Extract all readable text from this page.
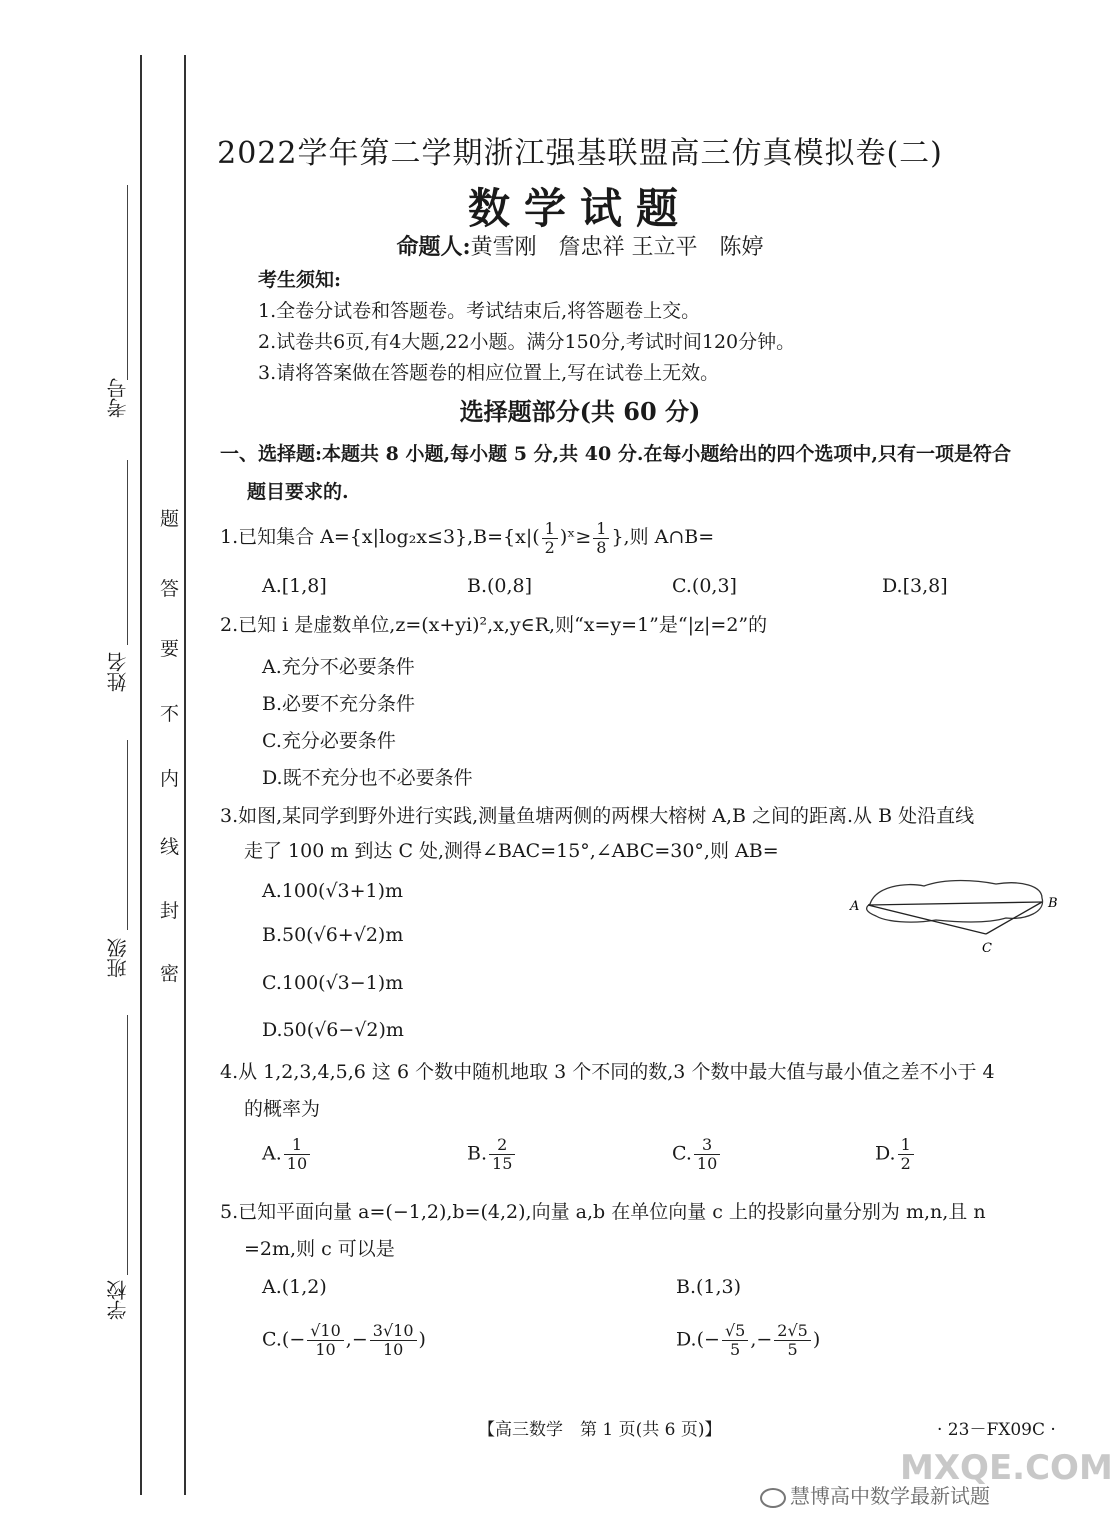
考号
姓名
班级
学校
题
答
要
不
内
线
封
密
2022学年第二学期浙江强基联盟高三仿真模拟卷(二)
数学试题
命题人:黄雪刚　詹忠祥 王立平　陈婷
考生须知:
1.全卷分试卷和答题卷。考试结束后,将答题卷上交。
2.试卷共6页,有4大题,22小题。满分150分,考试时间120分钟。
3.请将答案做在答题卷的相应位置上,写在试卷上无效。
选择题部分(共 60 分)
一、选择题:本题共 8 小题,每小题 5 分,共 40 分.在每小题给出的四个选项中,只有一项是符合
题目要求的.
1.已知集合 $A=\{x|\log_2x\le 3\},B=\{x|( \frac{1}{2}$ )ˣ≥ $\frac{1}{8}$ },则 A∩B=
A.[1,8]	B.(0,8]	C.(0,3]	D.[3,8]
2.已知 i 是虚数单位,z=(x+yi)²,x,y∈R,则“x=y=1”是“|z|=2”的
A.充分不必要条件
B.必要不充分条件
C.充分必要条件
D.既不充分也不必要条件
3.如图,某同学到野外进行实践,测量鱼塘两侧的两棵大榕树 A,B 之间的距离.从 B 处沿直线
走了 100 m 到达 C 处,测得∠BAC=15°,∠ABC=30°,则 AB=
A.100(√3+1)m
B.50(√6+√2)m
C.100(√3−1)m
D.50(√6−√2)m
A	B
C
4.从 1,2,3,4,5,6 这 6 个数中随机地取 3 个不同的数,3 个数中最大值与最小值之差不小于 4
的概率为
A. $\frac{1}{10}$	B. $\frac{2}{15}$	C. $\frac{3}{10}$	D. $\frac{1}{2}$
5.已知平面向量 a=(−1,2),b=(4,2),向量 a,b 在单位向量 c 上的投影向量分别为 m,n,且 n
=2m,则 c 可以是
A.(1,2)	B.(1,3)
$C.(- \frac{√10}{10}$ ,− $\frac{3√10}{10}$ )	$D.(- \frac{√5}{5}$ ,− $\frac{2√5}{5}$ )
【高三数学　第 1 页(共 6 页)】	· 23－FX09C ·
MXQE.COM
慧博高中数学最新试题
